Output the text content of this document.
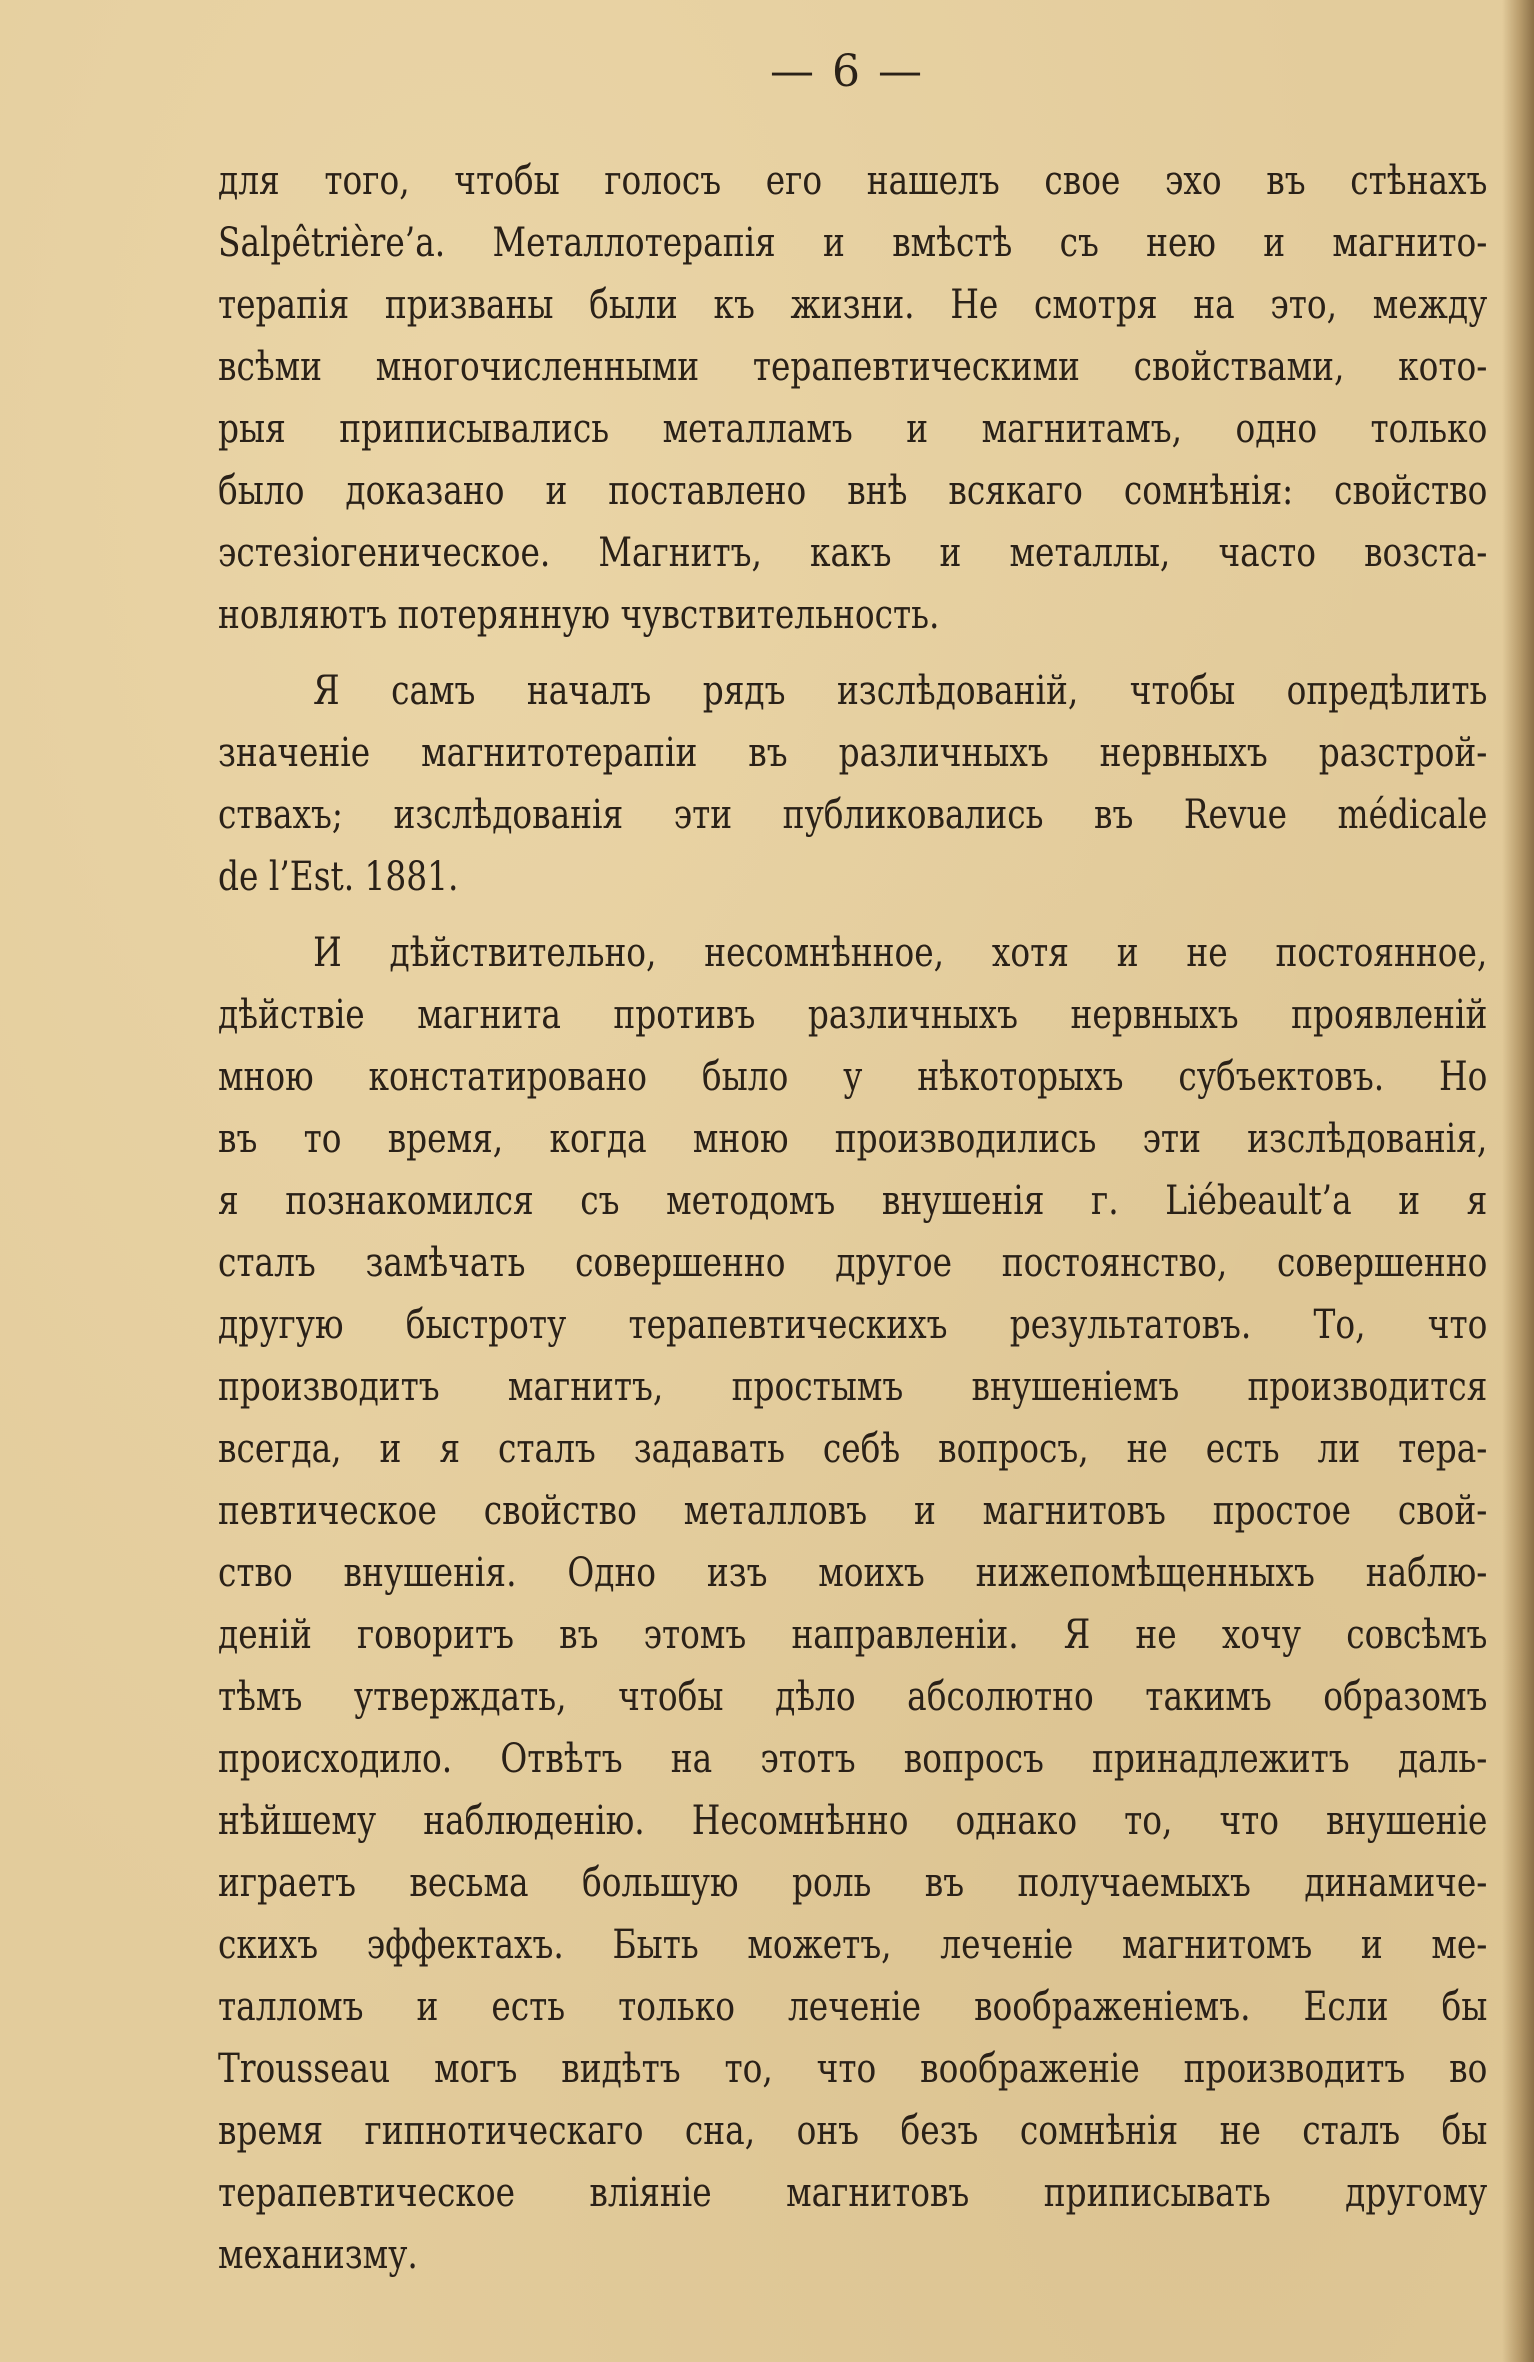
— 6 —
для того, чтобы голосъ его нашелъ свое эхо въ стѣнахъ
Salpêtrière’а. Металлотерапія и вмѣстѣ съ нею и магнито-
терапія призваны были къ жизни. Не смотря на это, между
всѣми многочисленными терапевтическими свойствами, кото-
рыя приписывались металламъ и магнитамъ, одно только
было доказано и поставлено внѣ всякаго сомнѣнія: свойство
эстезіогеническое. Магнитъ, какъ и металлы, часто возста-
новляютъ потерянную чувствительность.
Я самъ началъ рядъ изслѣдованій, чтобы опредѣлить
значеніе магнитотерапіи въ различныхъ нервныхъ разстрой-
ствахъ; изслѣдованія эти публиковались въ Revue médicale
de l’Est. 1881.
И дѣйствительно, несомнѣнное, хотя и не постоянное,
дѣйствіе магнита противъ различныхъ нервныхъ проявленій
мною констатировано было у нѣкоторыхъ субъектовъ. Но
въ то время, когда мною производились эти изслѣдованія,
я познакомился съ методомъ внушенія г. Liébeault’а и я
сталъ замѣчать совершенно другое постоянство, совершенно
другую быстроту терапевтическихъ результатовъ. То, что
производитъ магнитъ, простымъ внушеніемъ производится
всегда, и я сталъ задавать себѣ вопросъ, не есть ли тера-
певтическое свойство металловъ и магнитовъ простое свой-
ство внушенія. Одно изъ моихъ нижепомѣщенныхъ наблю-
деній говоритъ въ этомъ направленіи. Я не хочу совсѣмъ
тѣмъ утверждать, чтобы дѣло абсолютно такимъ образомъ
происходило. Отвѣтъ на этотъ вопросъ принадлежитъ даль-
нѣйшему наблюденію. Несомнѣнно однако то, что внушеніе
играетъ весьма большую роль въ получаемыхъ динамиче-
скихъ эффектахъ. Быть можетъ, леченіе магнитомъ и ме-
талломъ и есть только леченіе воображеніемъ. Если бы
Trousseau могъ видѣтъ то, что воображеніе производитъ во
время гипнотическаго сна, онъ безъ сомнѣнія не сталъ бы
терапевтическое вліяніе магнитовъ приписывать другому
механизму.
